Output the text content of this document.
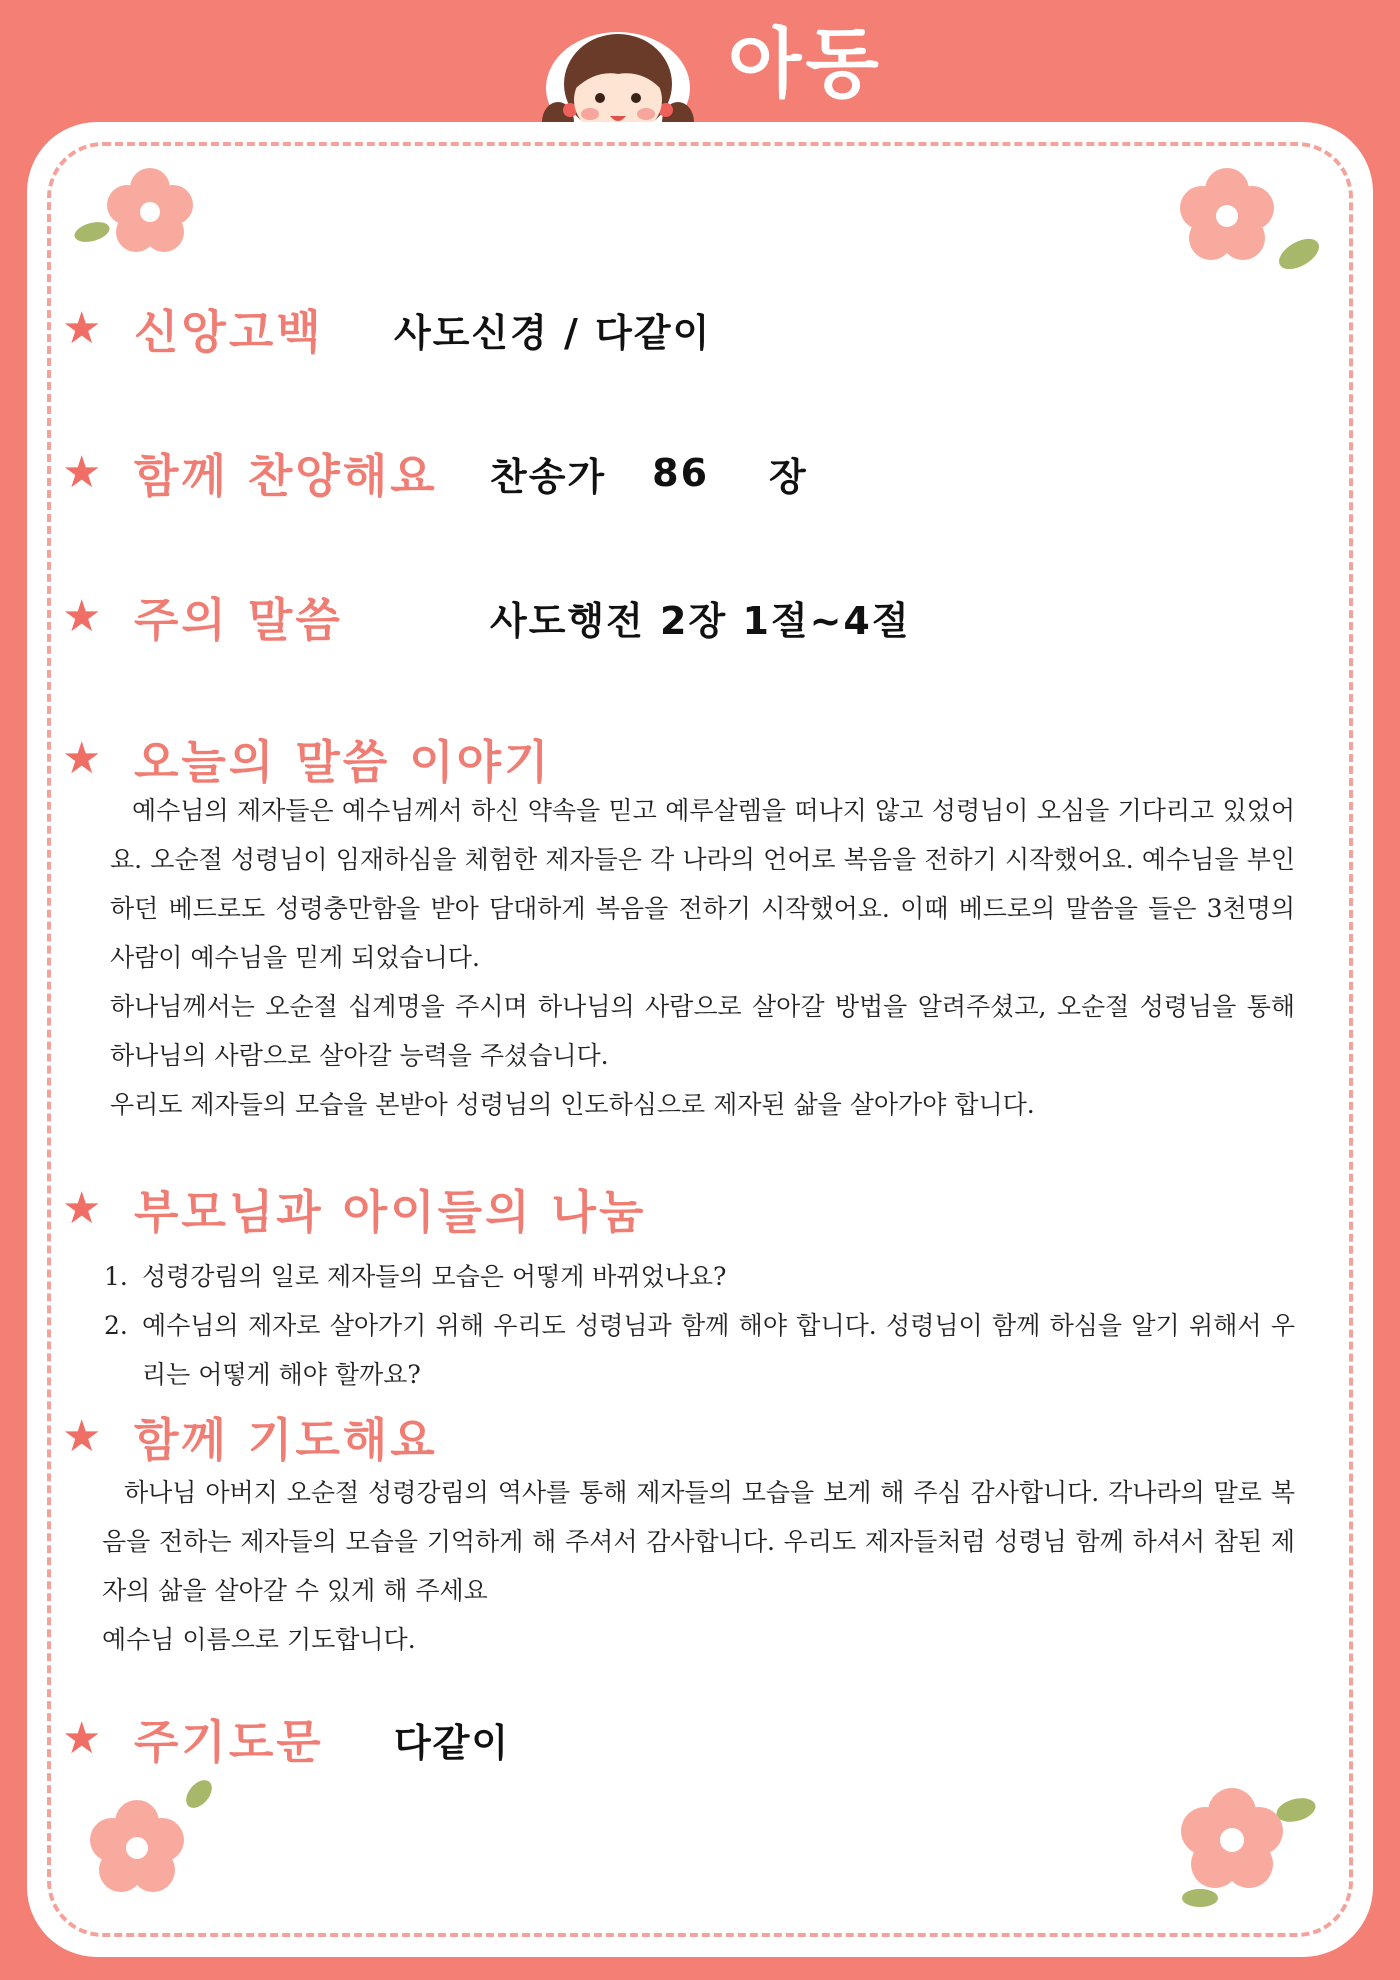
아동
★ 신앙고백	사도신경 / 다같이
★ 함께 찬양해요	찬송가 86 장
★ 주의 말씀	사도행전 2장 1절~4절
★ 오늘의 말씀 이야기

예수님의 제자들은 예수님께서 하신 약속을 믿고 예루살렘을 떠나지 않고 성령님이 오심을 기다리고 있었어요. 오순절 성령님이 임재하심을 체험한 제자들은 각 나라의 언어로 복음을 전하기 시작했어요. 예수님을 부인하던 베드로도 성령충만함을 받아 담대하게 복음을 전하기 시작했어요. 이때 베드로의 말씀을 들은 3천명의 사람이 예수님을 믿게 되었습니다.

하나님께서는 오순절 십계명을 주시며 하나님의 사람으로 살아갈 방법을 알려주셨고, 오순절 성령님을 통해 하나님의 사람으로 살아갈 능력을 주셨습니다.

우리도 제자들의 모습을 본받아 성령님의 인도하심으로 제자된 삶을 살아가야 합니다.

★ 부모님과 아이들의 나눔
1. 성령강림의 일로 제자들의 모습은 어떻게 바뀌었나요?
2. 예수님의 제자로 살아가기 위해 우리도 성령님과 함께 해야 합니다. 성령님이 함께 하심을 알기 위해서 우리는 어떻게 해야 할까요?
★ 함께 기도해요

하나님 아버지 오순절 성령강림의 역사를 통해 제자들의 모습을 보게 해 주심 감사합니다. 각나라의 말로 복음을 전하는 제자들의 모습을 기억하게 해 주셔서 감사합니다. 우리도 제자들처럼 성령님 함께 하셔서 참된 제자의 삶을 살아갈 수 있게 해 주세요

예수님 이름으로 기도합니다.

★ 주기도문	다같이
